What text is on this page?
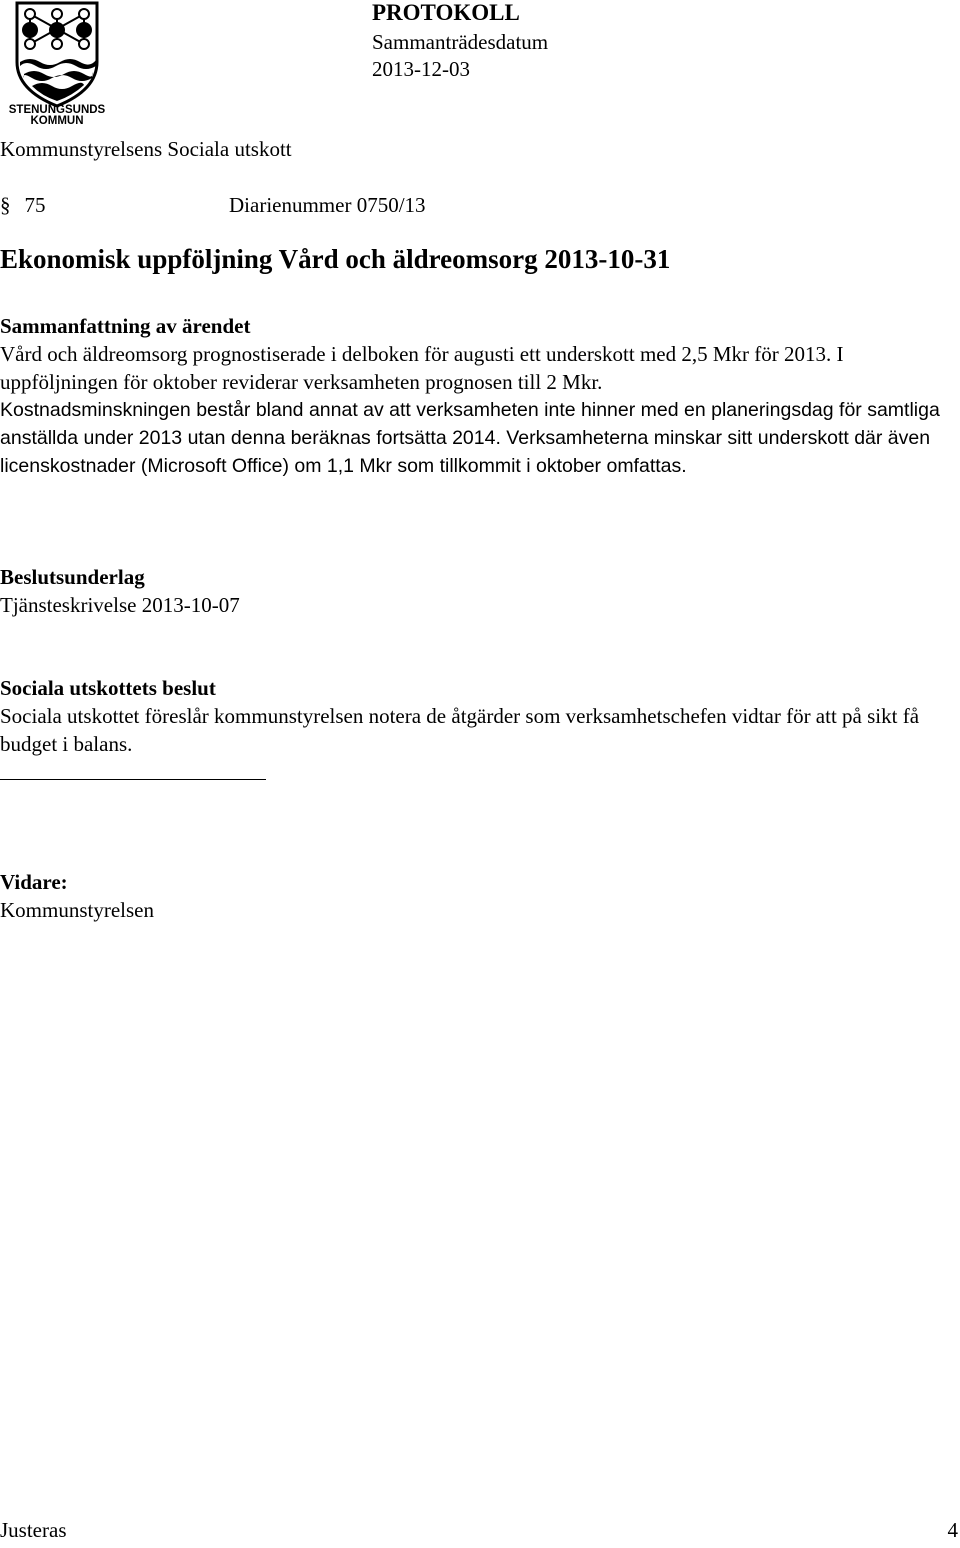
STENUNGSUNDS
KOMMUN
PROTOKOLL
Sammanträdesdatum
2013-12-03
Kommunstyrelsens Sociala utskott
§ 75	Diarienummer 0750/13
Ekonomisk uppföljning Vård och äldreomsorg 2013-10-31
Sammanfattning av ärendet

Vård och äldreomsorg prognostiserade i delboken för augusti ett underskott med 2,5 Mkr för 2013. I uppföljningen för oktober reviderar verksamheten prognosen till 2 Mkr.

Kostnadsminskningen består bland annat av att verksamheten inte hinner med en planeringsdag för samtliga anställda under 2013 utan denna beräknas fortsätta 2014. Verksamheterna minskar sitt underskott där även licenskostnader (Microsoft Office) om 1,1 Mkr som tillkommit i oktober omfattas.

Beslutsunderlag

Tjänsteskrivelse 2013-10-07

Sociala utskottets beslut

Sociala utskottet föreslår kommunstyrelsen notera de åtgärder som verksamhetschefen vidtar för att på sikt få budget i balans.

Vidare:

Kommunstyrelsen

Justeras	4
